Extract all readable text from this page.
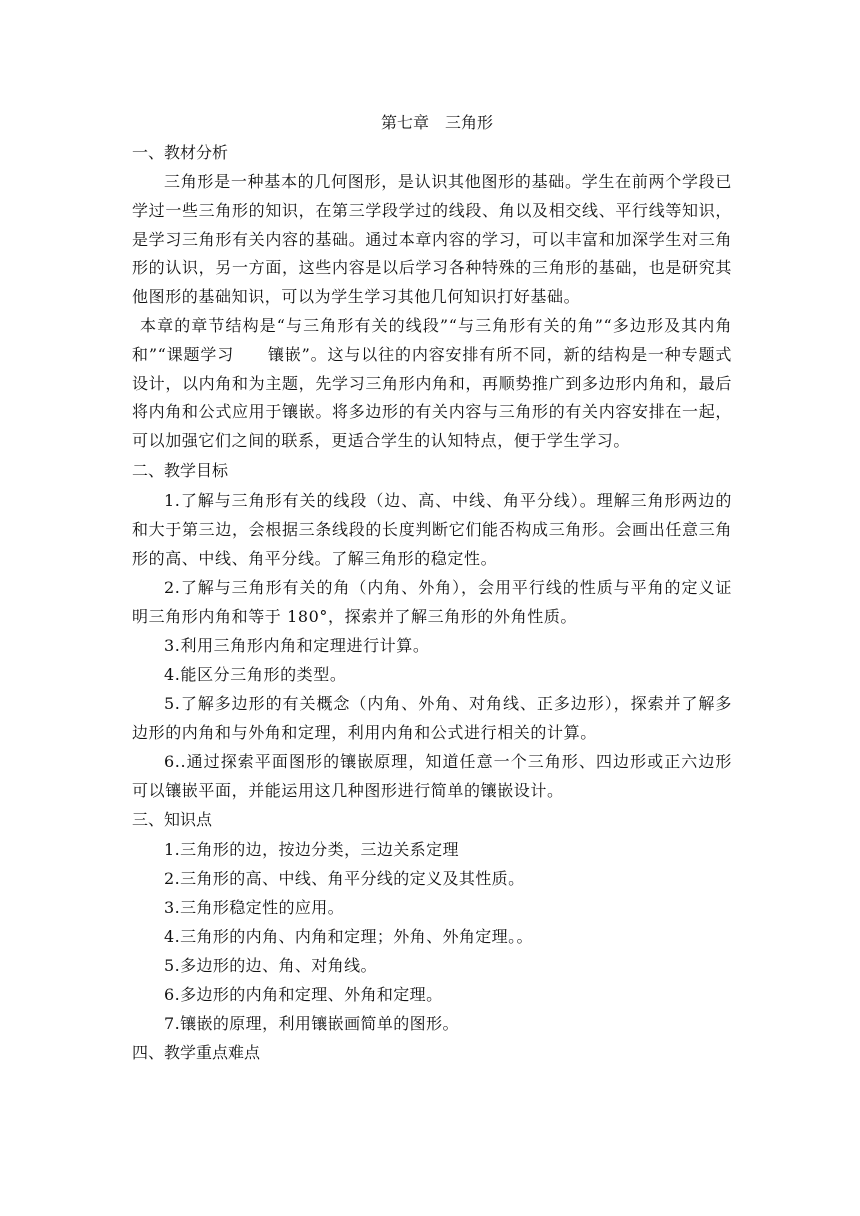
第七章　三角形

一、教材分析

三角形是一种基本的几何图形，是认识其他图形的基础。学生在前两个学段已学过一些三角形的知识，在第三学段学过的线段、角以及相交线、平行线等知识，是学习三角形有关内容的基础。通过本章内容的学习，可以丰富和加深学生对三角形的认识，另一方面，这些内容是以后学习各种特殊的三角形的基础，也是研究其他图形的基础知识，可以为学生学习其他几何知识打好基础。

本章的章节结构是“与三角形有关的线段”“与三角形有关的角”“多边形及其内角和”“课题学习　　镶嵌”。这与以往的内容安排有所不同，新的结构是一种专题式设计，以内角和为主题，先学习三角形内角和，再顺势推广到多边形内角和，最后将内角和公式应用于镶嵌。将多边形的有关内容与三角形的有关内容安排在一起，可以加强它们之间的联系，更适合学生的认知特点，便于学生学习。

二、教学目标

1.了解与三角形有关的线段（边、高、中线、角平分线）。理解三角形两边的和大于第三边，会根据三条线段的长度判断它们能否构成三角形。会画出任意三角形的高、中线、角平分线。了解三角形的稳定性。

2.了解与三角形有关的角（内角、外角），会用平行线的性质与平角的定义证明三角形内角和等于 180°，探索并了解三角形的外角性质。

3.利用三角形内角和定理进行计算。

4.能区分三角形的类型。

5.了解多边形的有关概念（内角、外角、对角线、正多边形），探索并了解多边形的内角和与外角和定理，利用内角和公式进行相关的计算。

6..通过探索平面图形的镶嵌原理，知道任意一个三角形、四边形或正六边形可以镶嵌平面，并能运用这几种图形进行简单的镶嵌设计。

三、知识点

1.三角形的边，按边分类，三边关系定理

2.三角形的高、中线、角平分线的定义及其性质。

3.三角形稳定性的应用。

4.三角形的内角、内角和定理；外角、外角定理。。

5.多边形的边、角、对角线。

6.多边形的内角和定理、外角和定理。

7.镶嵌的原理，利用镶嵌画简单的图形。

四、教学重点难点
